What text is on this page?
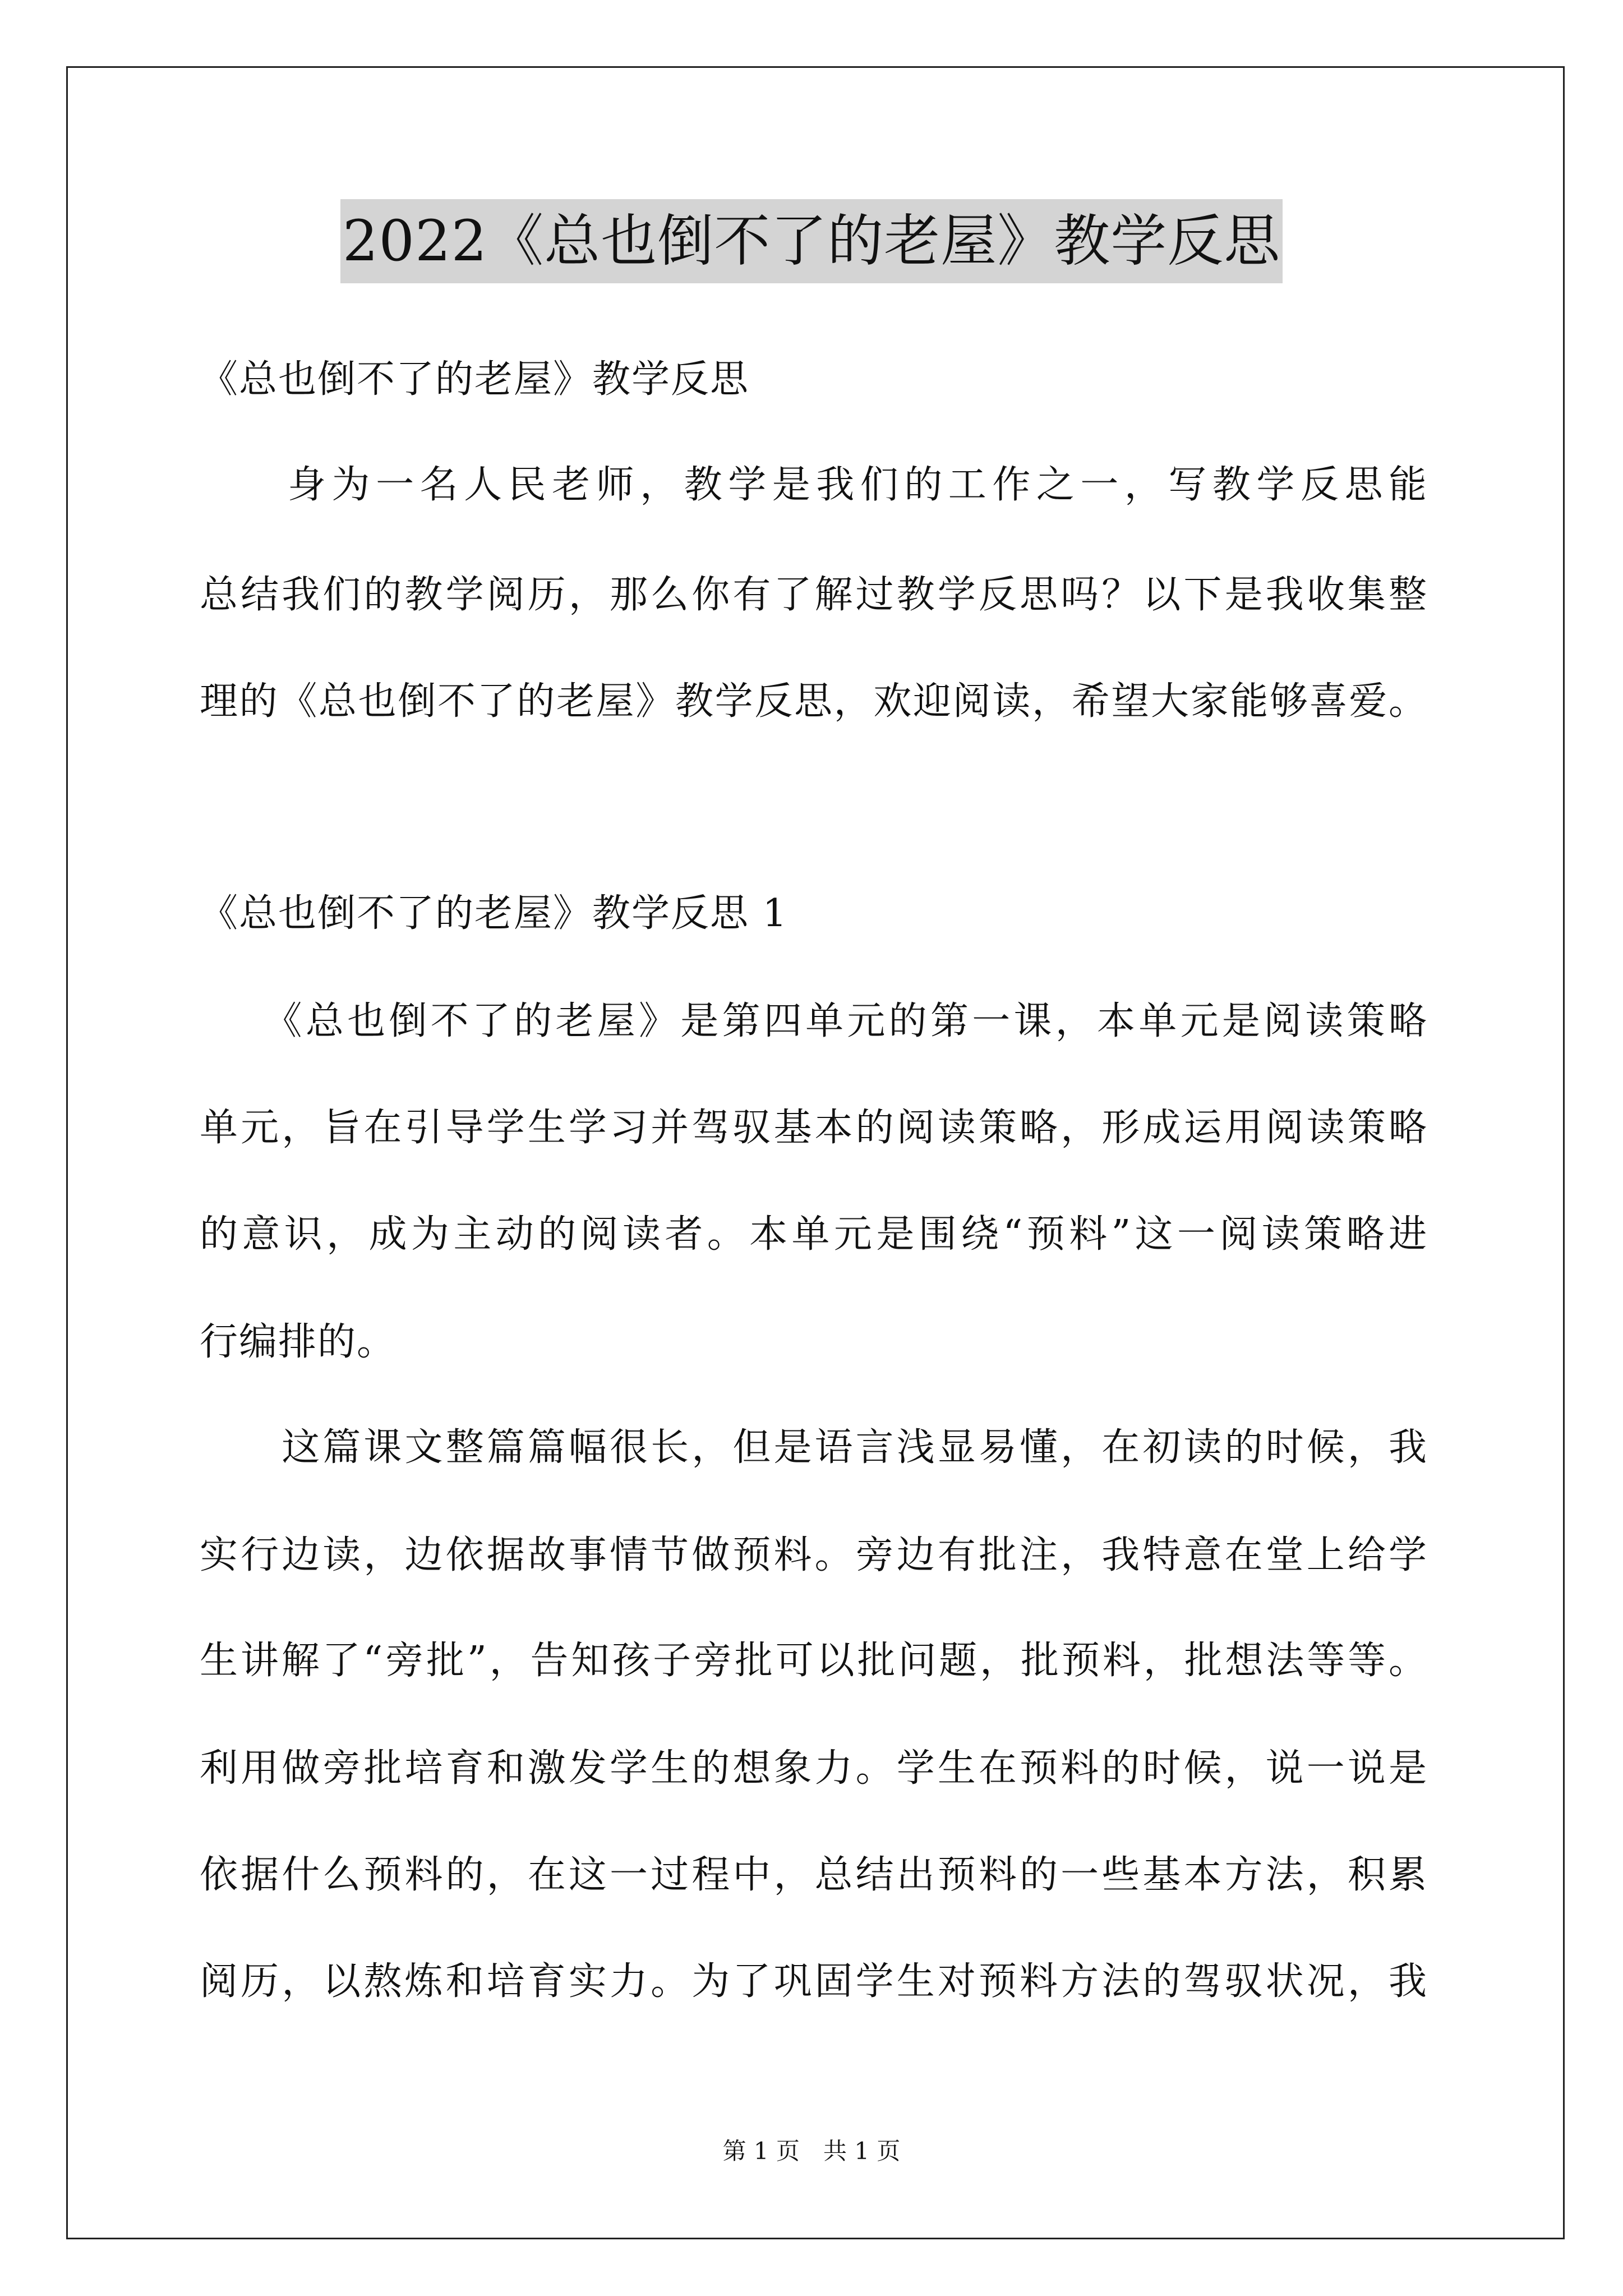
2022《总也倒不了的老屋》教学反思
《总也倒不了的老屋》教学反思
　　身为一名人民老师，教学是我们的工作之一，写教学反思能
总结我们的教学阅历，那么你有了解过教学反思吗？以下是我收集整
理的《总也倒不了的老屋》教学反思，欢迎阅读，希望大家能够喜爱。
《总也倒不了的老屋》教学反思 1
　　《总也倒不了的老屋》是第四单元的第一课，本单元是阅读策略
单元，旨在引导学生学习并驾驭基本的阅读策略，形成运用阅读策略
的意识，成为主动的阅读者。本单元是围绕“预料”这一阅读策略进
行编排的。
　　这篇课文整篇篇幅很长，但是语言浅显易懂，在初读的时候，我
实行边读，边依据故事情节做预料。旁边有批注，我特意在堂上给学
生讲解了“旁批”，告知孩子旁批可以批问题，批预料，批想法等等。
利用做旁批培育和激发学生的想象力。学生在预料的时候，说一说是
依据什么预料的，在这一过程中，总结出预料的一些基本方法，积累
阅历，以熬炼和培育实力。为了巩固学生对预料方法的驾驭状况，我
第 1 页　共 1 页
